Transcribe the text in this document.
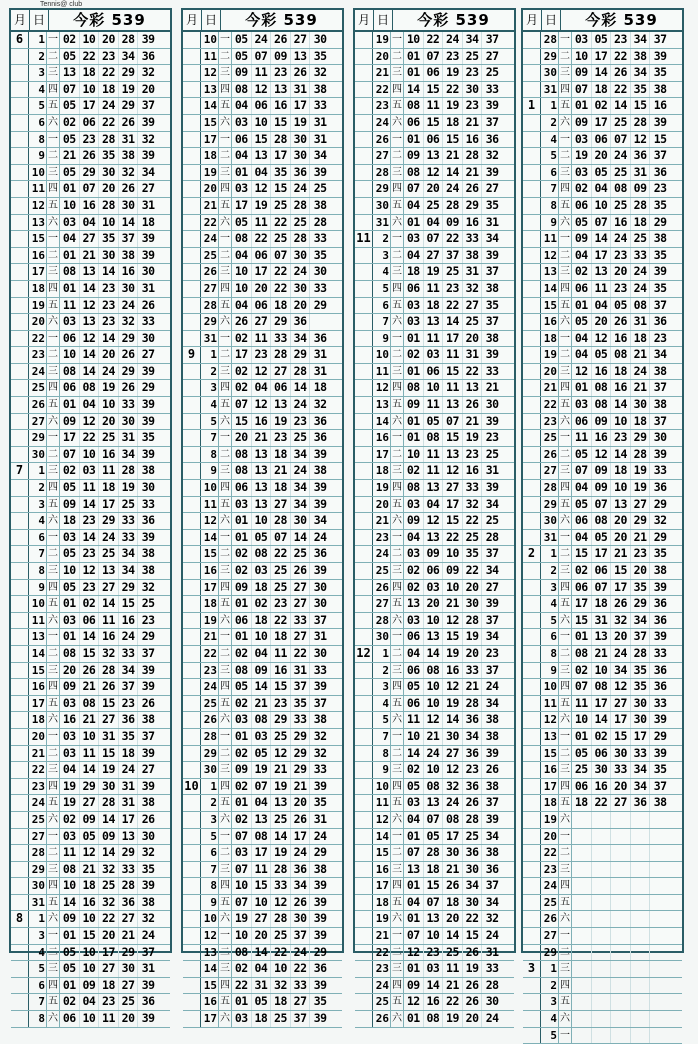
Tennis@ club
月 日	今彩 539
6	1 一 02 10 20 28 39
2 二 05 22 23 34 36
3 三 13 18 22 29 32
4 四 07 10 18 19 20
5 五 05 17 24 29 37
6 六 02 06 22 26 39
8 一 05 23 28 31 32
9 二 21 26 35 38 39
10 三 05 29 30 32 34
11 四 01 07 20 26 27
12 五 10 16 28 30 31
13 六 03 04 10 14 18
15 一 04 27 35 37 39
16 二 01 21 30 38 39
17 三 08 13 14 16 30
18 四 01 14 23 30 31
19 五 11 12 23 24 26
20 六 03 13 23 32 33
22 一 06 12 14 29 30
23 二 10 14 20 26 27
24 三 08 14 24 29 39
25 四 06 08 19 26 29
26 五 01 04 10 33 39
27 六 09 12 20 30 39
29 一 17 22 25 31 35
30 二 07 10 16 34 39
7	1 三 02 03 11 28 38
2 四 05 11 18 19 30
3 五 09 14 17 25 33
4 六 18 23 29 33 36
6 一 03 14 24 33 39
7 二 05 23 25 34 38
8 三 10 12 13 34 38
9 四 05 23 27 29 32
10 五 01 02 14 15 25
11 六 03 06 11 16 23
13 一 01 14 16 24 29
14 二 08 15 32 33 37
15 三 20 26 28 34 39
16 四 09 21 26 37 39
17 五 03 08 15 23 26
18 六 16 21 27 36 38
20 一 03 10 31 35 37
21 二 03 11 15 18 39
22 三 04 14 19 24 27
23 四 19 29 30 31 39
24 五 19 27 28 31 38
25 六 02 09 14 17 26
27 一 03 05 09 13 30
28 二 11 12 14 29 32
29 三 08 21 32 33 35
30 四 10 18 25 28 39
31 五 14 16 32 36 38
8	1 六 09 10 22 27 32
3 一 01 15 20 21 24
4 二 05 10 17 29 37
5 三 05 10 27 30 31
6 四 01 09 18 27 39
7 五 02 04 23 25 36
8 六 06 10 11 20 39
月 日	今彩 539
10 一 05 24 26 27 30
11 二 05 07 09 13 35
12 三 09 11 23 26 32
13 四 08 12 13 31 38
14 五 04 06 16 17 33
15 六 03 10 15 19 31
17 一 06 15 28 30 31
18 二 04 13 17 30 34
19 三 01 04 35 36 39
20 四 03 12 15 24 25
21 五 17 19 25 28 38
22 六 05 11 22 25 28
24 一 08 22 25 28 33
25 二 04 06 07 30 35
26 三 10 17 22 24 30
27 四 10 20 22 30 33
28 五 04 06 18 20 29
29 六 26 27 29 36
31 一 02 11 33 34 36
9	1 二 17 23 28 29 31
2 三 02 12 27 28 31
3 四 02 04 06 14 18
4 五 07 12 13 24 32
5 六 15 16 19 23 36
7 一 20 21 23 25 36
8 二 08 13 18 34 39
9 三 08 13 21 24 38
10 四 06 13 18 34 39
11 五 03 13 27 34 39
12 六 01 10 28 30 34
14 一 01 05 07 14 24
15 二 02 08 22 25 36
16 三 02 03 25 26 39
17 四 09 18 25 27 30
18 五 01 02 23 27 30
19 六 06 18 22 33 37
21 一 01 10 18 27 31
22 二 02 04 11 22 30
23 三 08 09 16 31 33
24 四 05 14 15 37 39
25 五 02 21 23 35 37
26 六 03 08 29 33 38
28 一 01 03 25 29 32
29 二 02 05 12 29 32
30 三 09 19 21 29 33
10	1 四 02 07 19 21 39
2 五 01 04 13 20 35
3 六 02 13 25 26 31
5 一 07 08 14 17 24
6 二 03 17 19 24 29
7 三 07 11 28 36 38
8 四 10 15 33 34 39
9 五 07 10 12 26 39
10 六 19 27 28 30 39
12 一 10 20 25 37 39
13 二 08 14 22 24 29
14 三 02 04 10 22 36
15 四 22 31 32 33 39
16 五 01 05 18 27 35
17 六 03 18 25 37 39
月 日	今彩 539
19 一 10 22 24 34 37
20 二 01 07 23 25 27
21 三 01 06 19 23 25
22 四 14 15 22 30 33
23 五 08 11 19 23 39
24 六 06 15 18 21 37
26 一 01 06 15 16 36
27 二 09 13 21 28 32
28 三 08 12 14 21 39
29 四 07 20 24 26 27
30 五 04 25 28 29 35
31 六 01 04 09 16 31
11	2 一 03 07 22 33 34
3 二 04 27 37 38 39
4 三 18 19 25 31 37
5 四 06 11 23 32 38
6 五 03 18 22 27 35
7 六 03 13 14 25 37
9 一 01 11 17 20 38
10 二 02 03 11 31 39
11 三 01 06 15 22 33
12 四 08 10 11 13 21
13 五 09 11 13 26 30
14 六 01 05 07 21 39
16 一 01 08 15 19 23
17 二 10 11 13 23 25
18 三 02 11 12 16 31
19 四 08 13 27 33 39
20 五 03 04 17 32 34
21 六 09 12 15 22 25
23 一 04 13 22 25 28
24 二 03 09 10 35 37
25 三 02 06 09 22 34
26 四 02 03 10 20 27
27 五 13 20 21 30 39
28 六 03 10 12 28 37
30 一 06 13 15 19 34
12	1 二 04 14 19 20 23
2 三 06 08 16 33 37
3 四 05 10 12 21 24
4 五 06 10 19 28 34
5 六 11 12 14 36 38
7 一 10 21 30 34 38
8 二 14 24 27 36 39
9 三 02 10 12 23 26
10 四 05 08 32 36 38
11 五 03 13 24 26 37
12 六 04 07 08 28 39
14 一 01 05 17 25 34
15 二 07 28 30 36 38
16 三 13 18 21 30 36
17 四 01 15 26 34 37
18 五 04 07 18 30 34
19 六 01 13 20 22 32
21 一 07 10 14 15 24
22 二 12 23 25 26 31
23 三 01 03 11 19 33
24 四 09 14 21 26 28
25 五 12 16 22 26 30
26 六 01 08 19 20 24
月 日	今彩 539
28 一 03 05 23 34 37
29 二 10 17 22 38 39
30 三 09 14 26 34 35
31 四 07 18 22 35 38
1	1 五 01 02 14 15 16
2 六 09 17 25 28 39
4 一 03 06 07 12 15
5 二 19 20 24 36 37
6 三 03 05 25 31 36
7 四 02 04 08 09 23
8 五 06 10 25 28 35
9 六 05 07 16 18 29
11 一 09 14 24 25 38
12 二 04 17 23 33 35
13 三 02 13 20 24 39
14 四 06 11 23 24 35
15 五 01 04 05 08 37
16 六 05 20 26 31 36
18 一 04 12 16 18 23
19 二 04 05 08 21 34
20 三 12 16 18 24 38
21 四 01 08 16 21 37
22 五 03 08 14 30 38
23 六 06 09 10 18 37
25 一 11 16 23 29 30
26 二 05 12 14 28 39
27 三 07 09 18 19 33
28 四 04 09 10 19 36
29 五 05 07 13 27 29
30 六 06 08 20 29 32
31 一 04 05 20 21 29
2	1 二 15 17 21 23 35
2 三 02 06 15 20 38
3 四 06 07 17 35 39
4 五 17 18 26 29 36
5 六 15 31 32 34 36
6 一 01 13 20 37 39
8 二 08 21 24 28 33
9 三 02 10 34 35 36
10 四 07 08 12 35 36
11 五 11 17 27 30 33
12 六 10 14 17 30 39
13 一 01 02 15 17 29
15 二 05 06 30 33 39
16 三 25 30 33 34 35
17 四 06 16 20 34 37
18 五 18 22 27 36 38
19 六
20 一
22 二
23 三
24 四
25 五
26 六
27 一
29 二
3	1 三
2 四
3 五
4 六
5 一
